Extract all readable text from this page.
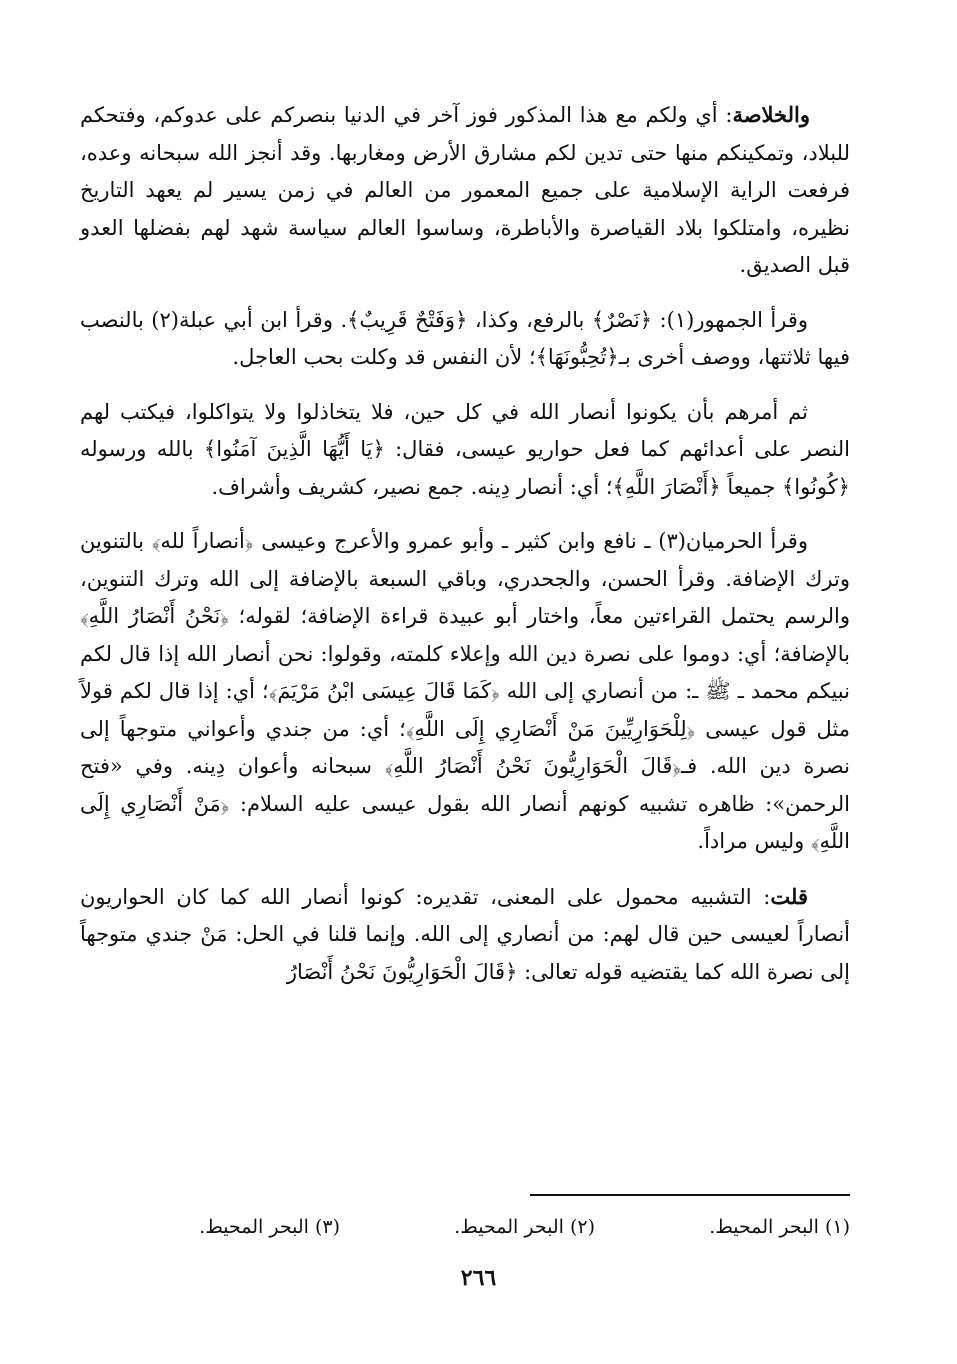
والخلاصة: أي ولكم مع هذا المذكور فوز آخر في الدنيا بنصركم على عدوكم، وفتحكم للبلاد، وتمكينكم منها حتى تدين لكم مشارق الأرض ومغاربها. وقد أنجز الله سبحانه وعده، فرفعت الراية الإسلامية على جميع المعمور من العالم في زمن يسير لم يعهد التاريخ نظيره، وامتلكوا بلاد القياصرة والأباطرة، وساسوا العالم سياسة شهد لهم بفضلها العدو قبل الصديق.

وقرأ الجمهور(١): ﴿نَصْرٌ﴾ بالرفع، وكذا، ﴿وَفَتْحٌ قَرِيبٌ﴾. وقرأ ابن أبي عبلة(٢) بالنصب فيها ثلاثتها، ووصف أخرى بـ﴿تُحِبُّونَهَا﴾؛ لأن النفس قد وكلت بحب العاجل.

ثم أمرهم بأن يكونوا أنصار الله في كل حين، فلا يتخاذلوا ولا يتواكلوا، فيكتب لهم النصر على أعدائهم كما فعل حواريو عيسى، فقال: ﴿يَا أَيُّهَا الَّذِينَ آمَنُوا﴾ بالله ورسوله ﴿كُونُوا﴾ جميعاً ﴿أَنْصَارَ اللَّهِ﴾؛ أي: أنصار دِينه. جمع نصير، كشريف وأشراف.

وقرأ الحرميان(٣) ـ نافع وابن كثير ـ وأبو عمرو والأعرج وعيسى ﴿أنصاراً لله﴾ بالتنوين وترك الإضافة. وقرأ الحسن، والجحدري، وباقي السبعة بالإضافة إلى الله وترك التنوين، والرسم يحتمل القراءتين معاً، واختار أبو عبيدة قراءة الإضافة؛ لقوله؛ ﴿نَحْنُ أَنْصَارُ اللَّهِ﴾ بالإضافة؛ أي: دوموا على نصرة دين الله وإعلاء كلمته، وقولوا: نحن أنصار الله إذا قال لكم نبيكم محمد ـ ﷺ ـ: من أنصاري إلى الله ﴿كَمَا قَالَ عِيسَى ابْنُ مَرْيَمَ﴾؛ أي: إذا قال لكم قولاً مثل قول عيسى ﴿لِلْحَوَارِيِّينَ مَنْ أَنْصَارِي إِلَى اللَّهِ﴾؛ أي: من جندي وأعواني متوجهاً إلى نصرة دين الله. فـ﴿قَالَ الْحَوَارِيُّونَ نَحْنُ أَنْصَارُ اللَّهِ﴾ سبحانه وأعوان دِينه. وفي «فتح الرحمن»: ظاهره تشبيه كونهم أنصار الله بقول عيسى عليه السلام: ﴿مَنْ أَنْصَارِي إِلَى اللَّهِ﴾ وليس مراداً.

قلت: التشبيه محمول على المعنى، تقديره: كونوا أنصار الله كما كان الحواريون أنصاراً لعيسى حين قال لهم: من أنصاري إلى الله. وإنما قلنا في الحل: مَنْ جندي متوجهاً إلى نصرة الله كما يقتضيه قوله تعالى: ﴿قَالَ الْحَوَارِيُّونَ نَحْنُ أَنْصَارُ

(١) البحر المحيط.
(٢) البحر المحيط.
(٣) البحر المحيط.
٢٦٦
